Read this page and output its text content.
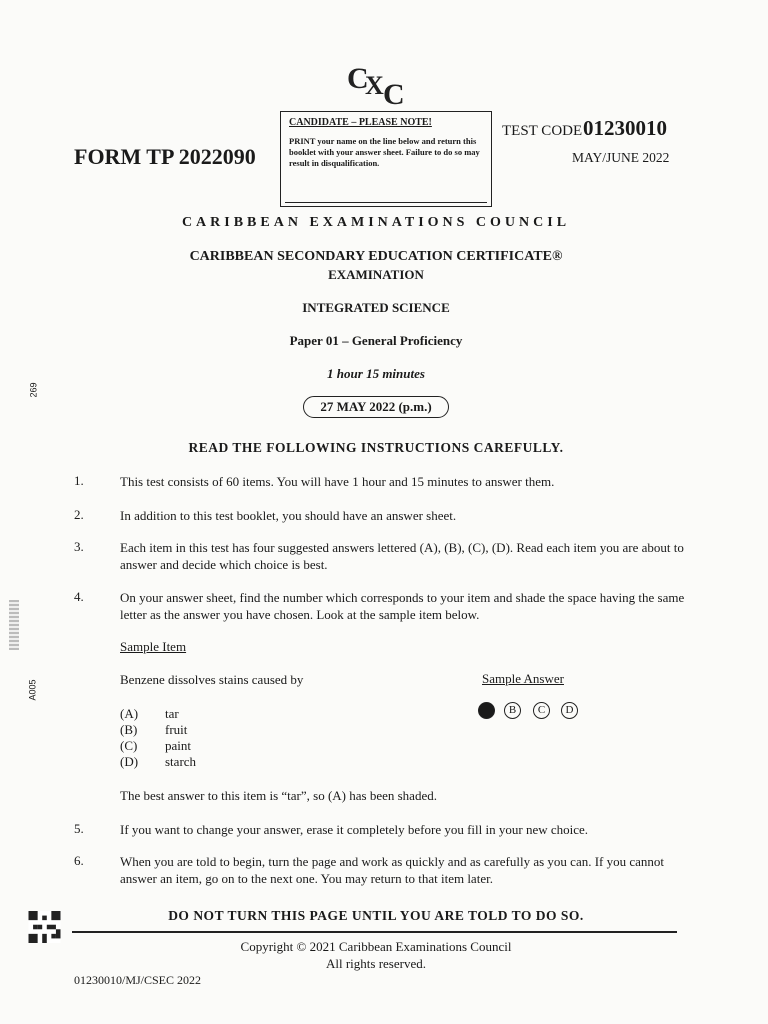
C
X C
CANDIDATE – PLEASE NOTE!
PRINT your name on the line below and return this booklet with your answer sheet. Failure to do so may result in disqualification.
FORM TP 2022090
TEST CODE 01230010
MAY/JUNE 2022
CARIBBEAN EXAMINATIONS COUNCIL
CARIBBEAN SECONDARY EDUCATION CERTIFICATE®
EXAMINATION
INTEGRATED SCIENCE
Paper 01 – General Proficiency
1 hour 15 minutes
27 MAY 2022 (p.m.)
269
A005
READ THE FOLLOWING INSTRUCTIONS CAREFULLY.
1.	This test consists of 60 items. You will have 1 hour and 15 minutes to answer them.
2.	In addition to this test booklet, you should have an answer sheet.
3.	Each item in this test has four suggested answers lettered (A), (B), (C), (D). Read each item you are about to answer and decide which choice is best.
4.	On your answer sheet, find the number which corresponds to your item and shade the space having the same letter as the answer you have chosen. Look at the sample item below.
Sample Item
Benzene dissolves stains caused by	Sample Answer
(A) tar
(B) fruit
(C) paint
(D) starch
B	C	D
The best answer to this item is “tar”, so (A) has been shaded.
5.	If you want to change your answer, erase it completely before you fill in your new choice.
6.	When you are told to begin, turn the page and work as quickly and as carefully as you can. If you cannot answer an item, go on to the next one. You may return to that item later.
DO NOT TURN THIS PAGE UNTIL YOU ARE TOLD TO DO SO.
Copyright © 2021 Caribbean Examinations Council
All rights reserved.
01230010/MJ/CSEC 2022
